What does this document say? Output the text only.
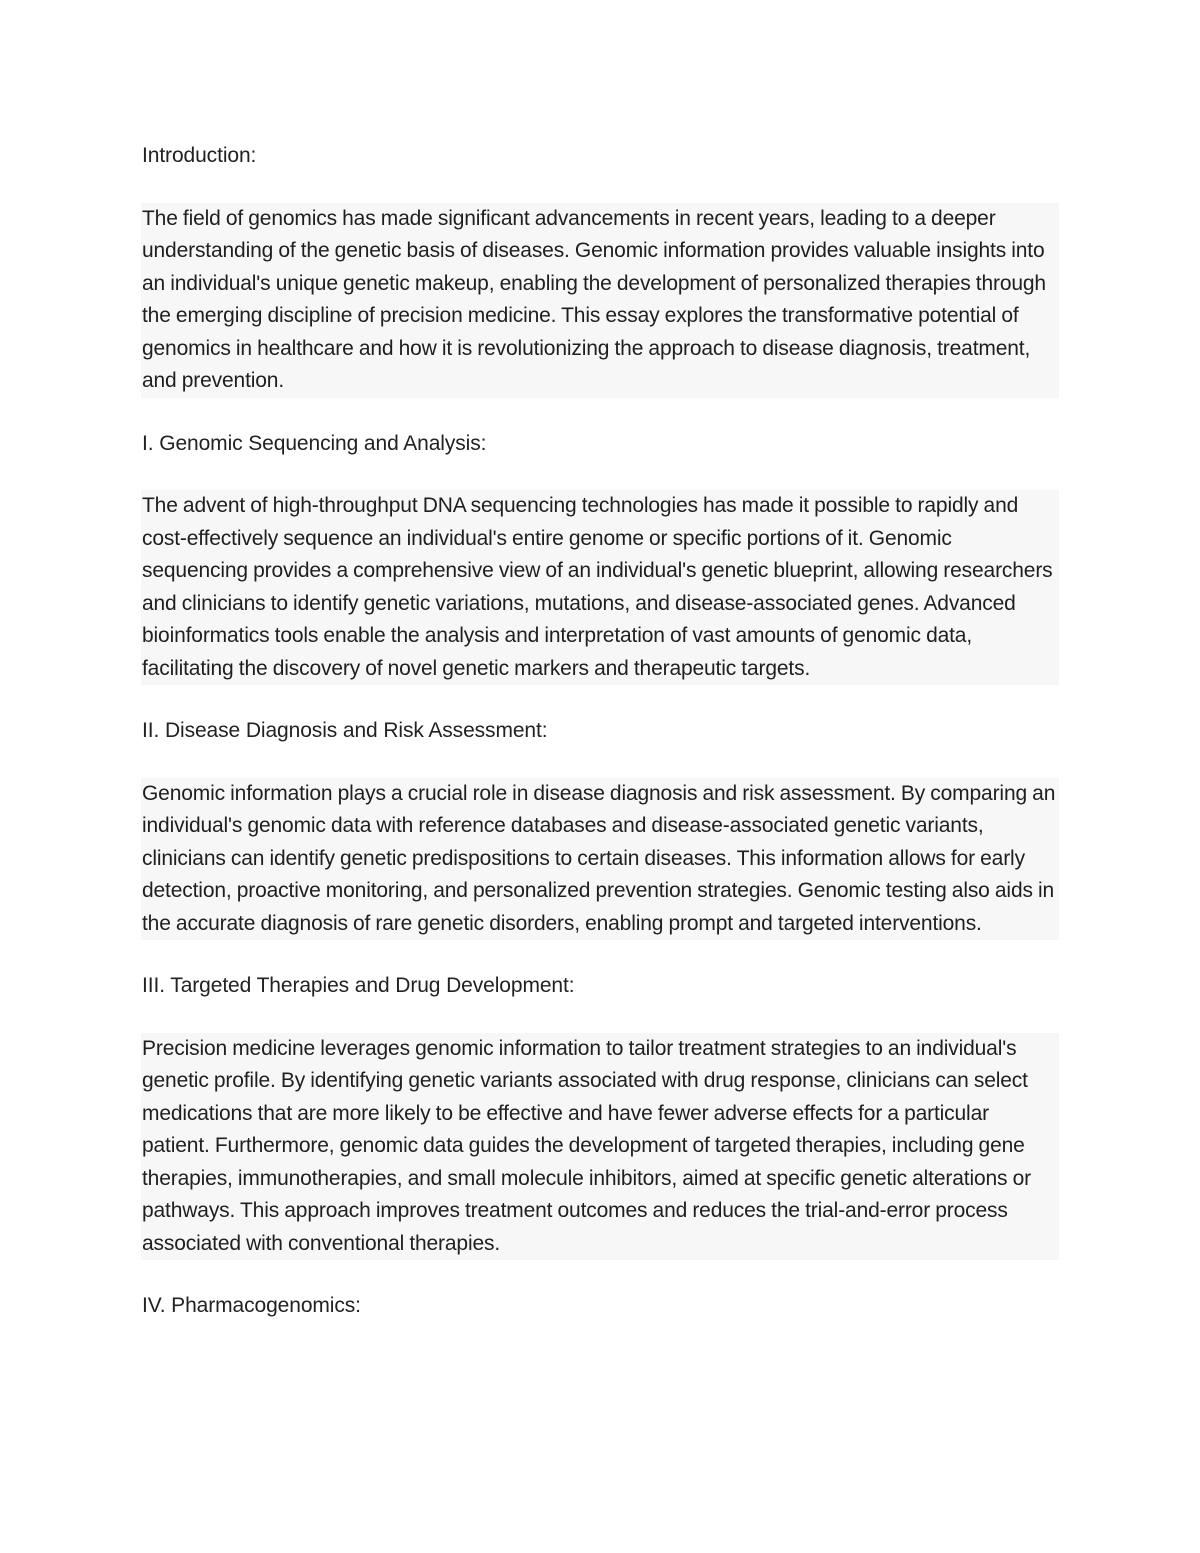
Introduction:
The field of genomics has made significant advancements in recent years, leading to a deeper understanding of the genetic basis of diseases. Genomic information provides valuable insights into an individual's unique genetic makeup, enabling the development of personalized therapies through the emerging discipline of precision medicine. This essay explores the transformative potential of genomics in healthcare and how it is revolutionizing the approach to disease diagnosis, treatment, and prevention.
I. Genomic Sequencing and Analysis:
The advent of high-throughput DNA sequencing technologies has made it possible to rapidly and cost-effectively sequence an individual's entire genome or specific portions of it. Genomic sequencing provides a comprehensive view of an individual's genetic blueprint, allowing researchers and clinicians to identify genetic variations, mutations, and disease-associated genes. Advanced bioinformatics tools enable the analysis and interpretation of vast amounts of genomic data, facilitating the discovery of novel genetic markers and therapeutic targets.
II. Disease Diagnosis and Risk Assessment:
Genomic information plays a crucial role in disease diagnosis and risk assessment. By comparing an individual's genomic data with reference databases and disease-associated genetic variants, clinicians can identify genetic predispositions to certain diseases. This information allows for early detection, proactive monitoring, and personalized prevention strategies. Genomic testing also aids in the accurate diagnosis of rare genetic disorders, enabling prompt and targeted interventions.
III. Targeted Therapies and Drug Development:
Precision medicine leverages genomic information to tailor treatment strategies to an individual's genetic profile. By identifying genetic variants associated with drug response, clinicians can select medications that are more likely to be effective and have fewer adverse effects for a particular patient. Furthermore, genomic data guides the development of targeted therapies, including gene therapies, immunotherapies, and small molecule inhibitors, aimed at specific genetic alterations or pathways. This approach improves treatment outcomes and reduces the trial-and-error process associated with conventional therapies.
IV. Pharmacogenomics:
